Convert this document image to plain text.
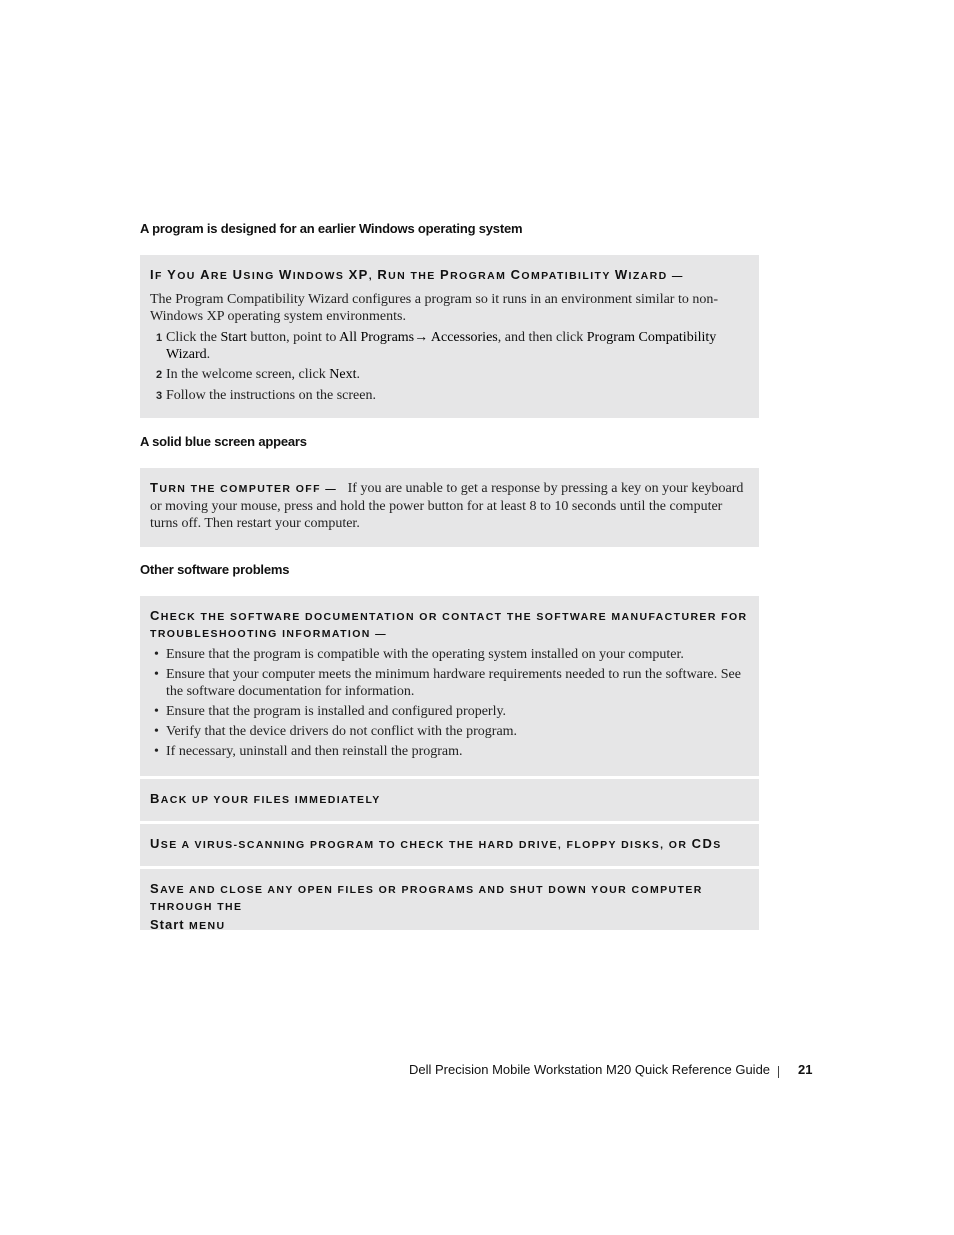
A program is designed for an earlier Windows operating system
IF YOU ARE USING WINDOWS XP, RUN THE PROGRAM COMPATIBILITY WIZARD —
The Program Compatibility Wizard configures a program so it runs in an environment similar to non-Windows XP operating system environments.
1 Click the Start button, point to All Programs→ Accessories, and then click Program Compatibility Wizard.
2 In the welcome screen, click Next.
3 Follow the instructions on the screen.
A solid blue screen appears
TURN THE COMPUTER OFF — If you are unable to get a response by pressing a key on your keyboard or moving your mouse, press and hold the power button for at least 8 to 10 seconds until the computer turns off. Then restart your computer.
Other software problems
CHECK THE SOFTWARE DOCUMENTATION OR CONTACT THE SOFTWARE MANUFACTURER FOR TROUBLESHOOTING INFORMATION —
• Ensure that the program is compatible with the operating system installed on your computer.
• Ensure that your computer meets the minimum hardware requirements needed to run the software. See the software documentation for information.
• Ensure that the program is installed and configured properly.
• Verify that the device drivers do not conflict with the program.
• If necessary, uninstall and then reinstall the program.
BACK UP YOUR FILES IMMEDIATELY
USE A VIRUS-SCANNING PROGRAM TO CHECK THE HARD DRIVE, FLOPPY DISKS, OR CDS
SAVE AND CLOSE ANY OPEN FILES OR PROGRAMS AND SHUT DOWN YOUR COMPUTER THROUGH THE
Start MENU
Dell Precision Mobile Workstation M20 Quick Reference Guide 21
